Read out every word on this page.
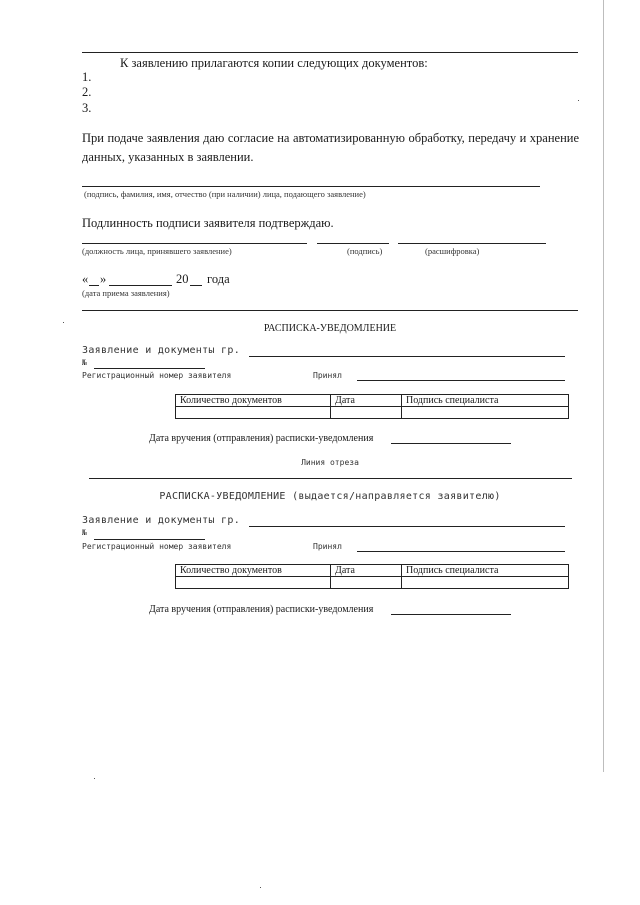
К заявлению прилагаются копии следующих документов:
1.
2.
3.
При подаче заявления даю согласие на автоматизированную обработку, передачу и хранение данных, указанных в заявлении.
(подпись, фамилия, имя, отчество (при наличии) лица, подающего заявление)
Подлинность подписи заявителя подтверждаю.
(должность лица, принявшего заявление)	(подпись)	(расшифровка)
« »	20 года
(дата приема заявления)
РАСПИСКА-УВЕДОМЛЕНИЕ
Заявление и документы гр.
№
Регистрационный номер заявителя	Принял
Количество документов	Дата	Подпись специалиста

Дата вручения (отправления) расписки-уведомления
Линия отреза
РАСПИСКА-УВЕДОМЛЕНИЕ (выдается/направляется заявителю)
Заявление и документы гр.
№
Регистрационный номер заявителя	Принял
Количество документов	Дата	Подпись специалиста

Дата вручения (отправления) расписки-уведомления
